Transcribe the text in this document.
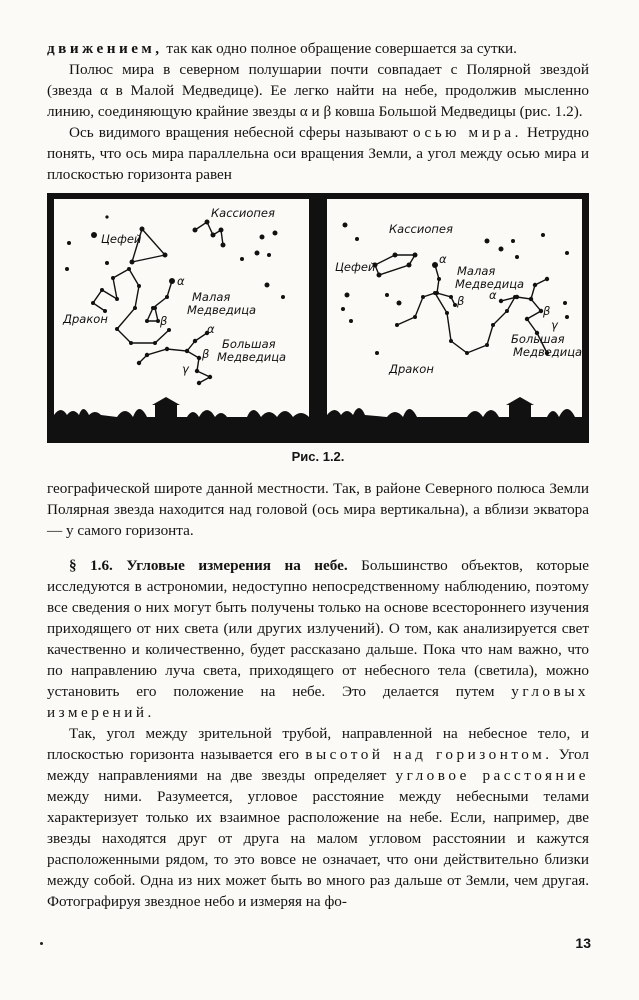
движением, так как одно полное обращение совершается за сутки.

Полюс мира в северном полушарии почти совпадает с Полярной звездой (звезда α в Малой Медведице). Ее легко найти на небе, продолжив мысленно линию, соединяющую крайние звезды α и β ковша Большой Медведицы (рис. 1.2).

Ось видимого вращения небесной сферы называют осью мира. Нетрудно понять, что ось мира параллельна оси вращения Земли, а угол между осью мира и плоскостью горизонта равен

Кассиопея
Цефей
Дракон
Малая
Медведица
Большая
Медведица
α
β
α
β
γ
Кассиопея
Цефей
Дракон
Малая
Медведица
Большая
Медведица
α
β α
β
γ
Рис. 1.2.

географической широте данной местности. Так, в районе Северного полюса Земли Полярная звезда находится над головой (ось мира вертикальна), а вблизи экватора — у самого горизонта.

§ 1.6. Угловые измерения на небе. Большинство объектов, которые исследуются в астрономии, недоступно непосредственному наблюдению, поэтому все сведения о них могут быть получены только на основе всестороннего изучения приходящего от них света (или других излучений). О том, как анализируется свет качественно и количественно, будет рассказано дальше. Пока что нам важно, что по направлению луча света, приходящего от небесного тела (светила), можно установить его положение на небе. Это делается путем угловых измерений.

Так, угол между зрительной трубой, направленной на небесное тело, и плоскостью горизонта называется его высотой над горизонтом. Угол между направлениями на две звезды определяет угловое расстояние между ними. Разумеется, угловое расстояние между небесными телами характеризует только их взаимное расположение на небе. Если, например, две звезды находятся друг от друга на малом угловом расстоянии и кажутся расположенными рядом, то это вовсе не означает, что они действительно близки между собой. Одна из них может быть во много раз дальше от Земли, чем другая. Фотографируя звездное небо и измеряя на фо-

13
